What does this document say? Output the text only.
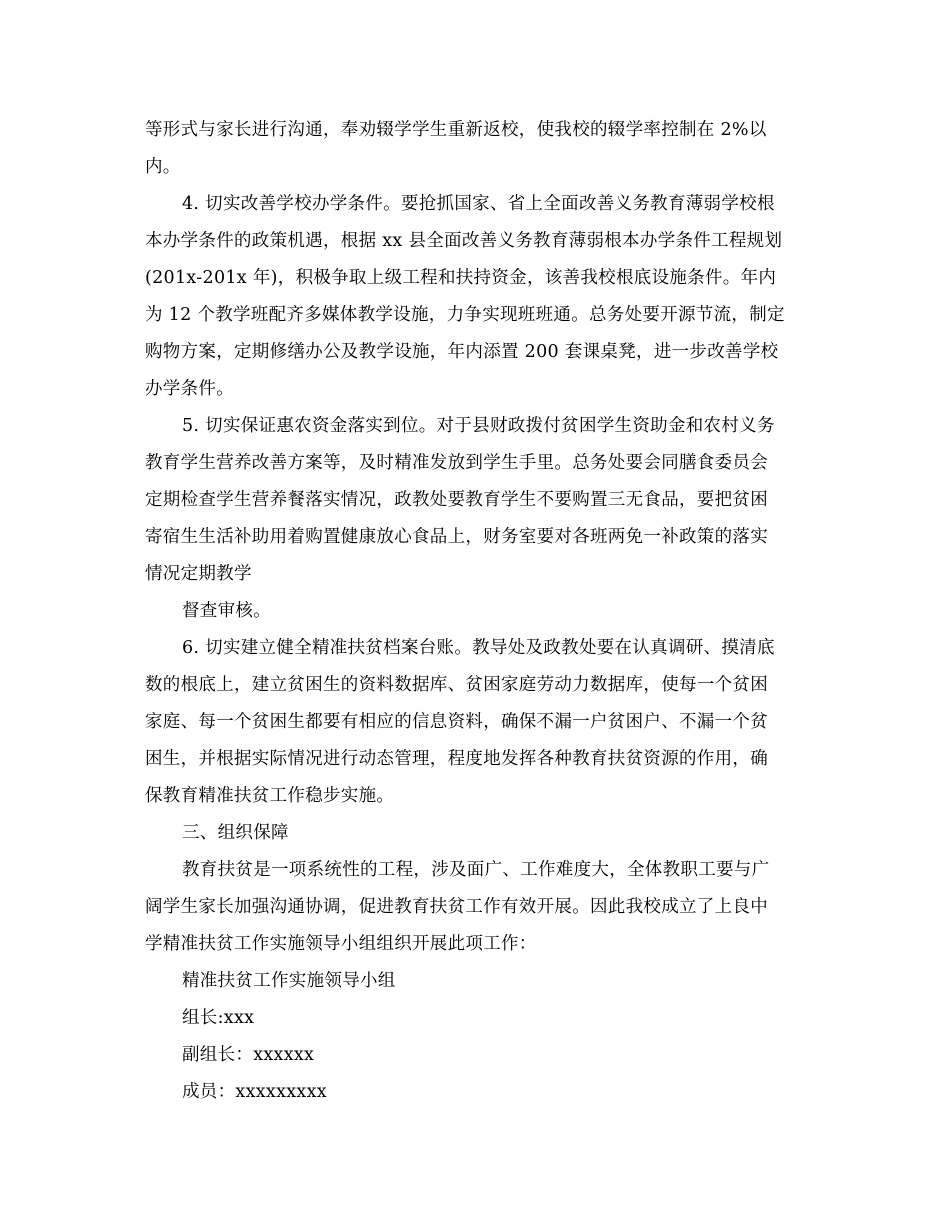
等形式与家长进行沟通，奉劝辍学学生重新返校，使我校的辍学率控制在 2%以

内。

4. 切实改善学校办学条件。要抢抓国家、省上全面改善义务教育薄弱学校根

本办学条件的政策机遇，根据 xx 县全面改善义务教育薄弱根本办学条件工程规划

(201x-201x 年)，积极争取上级工程和扶持资金，该善我校根底设施条件。年内

为 12 个教学班配齐多媒体教学设施，力争实现班班通。总务处要开源节流，制定

购物方案，定期修缮办公及教学设施，年内添置 200 套课桌凳，进一步改善学校

办学条件。

5. 切实保证惠农资金落实到位。对于县财政拨付贫困学生资助金和农村义务

教育学生营养改善方案等，及时精准发放到学生手里。总务处要会同膳食委员会

定期检查学生营养餐落实情况，政教处要教育学生不要购置三无食品，要把贫困

寄宿生生活补助用着购置健康放心食品上，财务室要对各班两免一补政策的落实

情况定期教学

督查审核。

6. 切实建立健全精准扶贫档案台账。教导处及政教处要在认真调研、摸清底

数的根底上，建立贫困生的资料数据库、贫困家庭劳动力数据库，使每一个贫困

家庭、每一个贫困生都要有相应的信息资料，确保不漏一户贫困户、不漏一个贫

困生，并根据实际情况进行动态管理，程度地发挥各种教育扶贫资源的作用，确

保教育精准扶贫工作稳步实施。

三、组织保障

教育扶贫是一项系统性的工程，涉及面广、工作难度大，全体教职工要与广

阔学生家长加强沟通协调，促进教育扶贫工作有效开展。因此我校成立了上良中

学精准扶贫工作实施领导小组组织开展此项工作：

精准扶贫工作实施领导小组

组长:xxx

副组长：xxxxxx

成员：xxxxxxxxx
